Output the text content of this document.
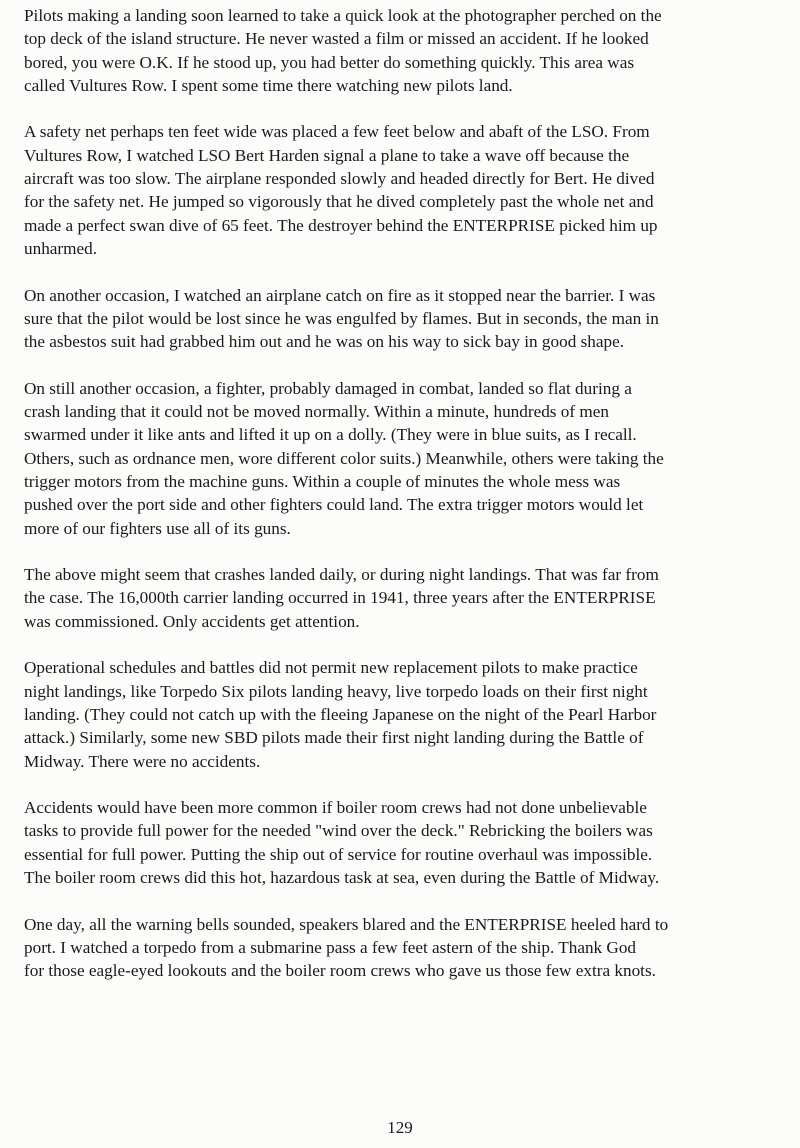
Pilots making a landing soon learned to take a quick look at the photographer perched on the
top deck of the island structure. He never wasted a film or missed an accident. If he looked
bored, you were O.K. If he stood up, you had better do something quickly. This area was
called Vultures Row. I spent some time there watching new pilots land.

A safety net perhaps ten feet wide was placed a few feet below and abaft of the LSO. From
Vultures Row, I watched LSO Bert Harden signal a plane to take a wave off because the
aircraft was too slow. The airplane responded slowly and headed directly for Bert. He dived
for the safety net. He jumped so vigorously that he dived completely past the whole net and
made a perfect swan dive of 65 feet. The destroyer behind the ENTERPRISE picked him up
unharmed.

On another occasion, I watched an airplane catch on fire as it stopped near the barrier. I was
sure that the pilot would be lost since he was engulfed by flames. But in seconds, the man in
the asbestos suit had grabbed him out and he was on his way to sick bay in good shape.

On still another occasion, a fighter, probably damaged in combat, landed so flat during a
crash landing that it could not be moved normally. Within a minute, hundreds of men
swarmed under it like ants and lifted it up on a dolly. (They were in blue suits, as I recall.
Others, such as ordnance men, wore different color suits.) Meanwhile, others were taking the
trigger motors from the machine guns. Within a couple of minutes the whole mess was
pushed over the port side and other fighters could land. The extra trigger motors would let
more of our fighters use all of its guns.

The above might seem that crashes landed daily, or during night landings. That was far from
the case. The 16,000th carrier landing occurred in 1941, three years after the ENTERPRISE
was commissioned. Only accidents get attention.

Operational schedules and battles did not permit new replacement pilots to make practice
night landings, like Torpedo Six pilots landing heavy, live torpedo loads on their first night
landing. (They could not catch up with the fleeing Japanese on the night of the Pearl Harbor
attack.) Similarly, some new SBD pilots made their first night landing during the Battle of
Midway. There were no accidents.

Accidents would have been more common if boiler room crews had not done unbelievable
tasks to provide full power for the needed "wind over the deck." Rebricking the boilers was
essential for full power. Putting the ship out of service for routine overhaul was impossible.
The boiler room crews did this hot, hazardous task at sea, even during the Battle of Midway.

One day, all the warning bells sounded, speakers blared and the ENTERPRISE heeled hard to
port. I watched a torpedo from a submarine pass a few feet astern of the ship. Thank God
for those eagle-eyed lookouts and the boiler room crews who gave us those few extra knots.

129
